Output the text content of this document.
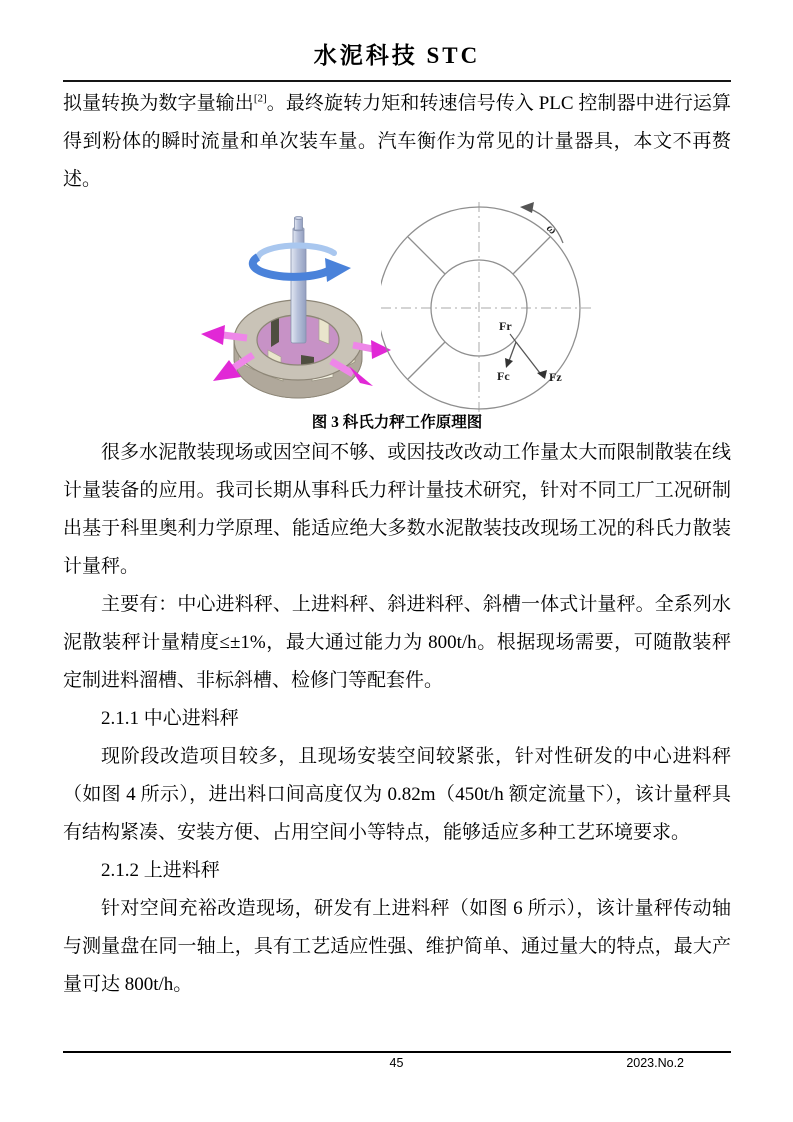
水泥科技 STC

拟量转换为数字量输出[2]。最终旋转力矩和转速信号传入 PLC 控制器中进行运算得到粉体的瞬时流量和单次装车量。汽车衡作为常见的计量器具，本文不再赘述。

ω
Fr
Fc	Fz

图 3 科氏力秤工作原理图

很多水泥散装现场或因空间不够、或因技改改动工作量太大而限制散装在线计量装备的应用。我司长期从事科氏力秤计量技术研究，针对不同工厂工况研制出基于科里奥利力学原理、能适应绝大多数水泥散装技改现场工况的科氏力散装计量秤。

主要有：中心进料秤、上进料秤、斜进料秤、斜槽一体式计量秤。全系列水泥散装秤计量精度≤±1%，最大通过能力为 800t/h。根据现场需要，可随散装秤定制进料溜槽、非标斜槽、检修门等配套件。

2.1.1 中心进料秤

现阶段改造项目较多，且现场安装空间较紧张，针对性研发的中心进料秤（如图 4 所示），进出料口间高度仅为 0.82m（450t/h 额定流量下），该计量秤具有结构紧凑、安装方便、占用空间小等特点，能够适应多种工艺环境要求。

2.1.2 上进料秤

针对空间充裕改造现场，研发有上进料秤（如图 6 所示），该计量秤传动轴与测量盘在同一轴上，具有工艺适应性强、维护简单、通过量大的特点，最大产量可达 800t/h。

45	2023.No.2
